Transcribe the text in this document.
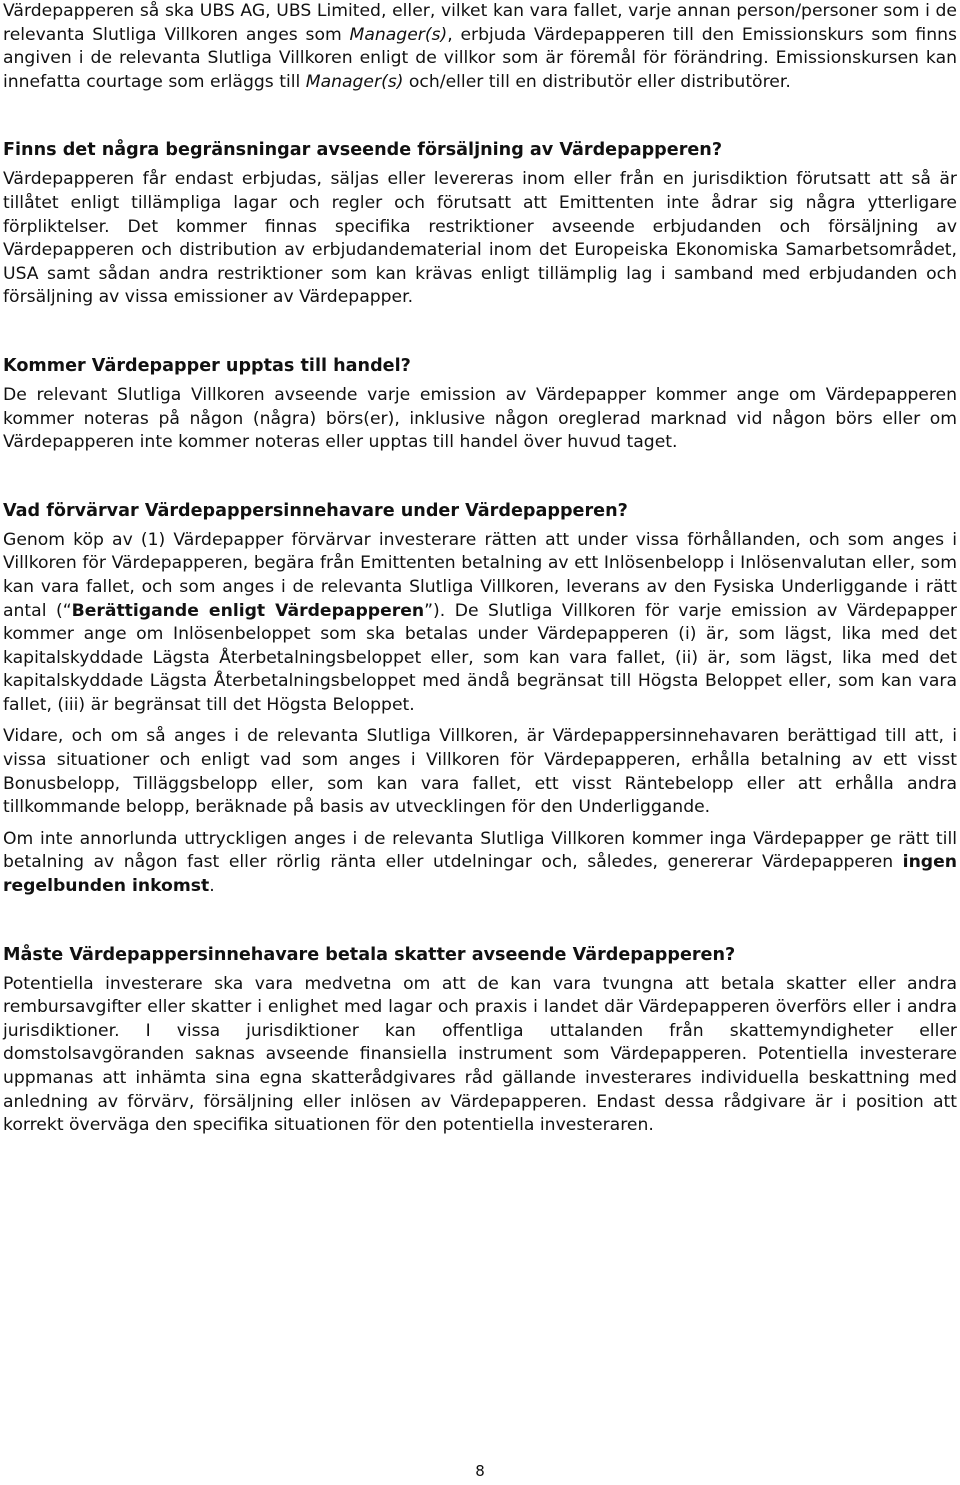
Värdepapperen så ska UBS AG, UBS Limited, eller, vilket kan vara fallet, varje annan person/personer som i de relevanta Slutliga Villkoren anges som Manager(s), erbjuda Värdepapperen till den Emissionskurs som finns angiven i de relevanta Slutliga Villkoren enligt de villkor som är föremål för förändring. Emissionskursen kan innefatta courtage som erläggs till Manager(s) och/eller till en distributör eller distributörer.

Finns det några begränsningar avseende försäljning av Värdepapperen?

Värdepapperen får endast erbjudas, säljas eller levereras inom eller från en jurisdiktion förutsatt att så är tillåtet enligt tillämpliga lagar och regler och förutsatt att Emittenten inte ådrar sig några ytterligare förpliktelser. Det kommer finnas specifika restriktioner avseende erbjudanden och försäljning av Värdepapperen och distribution av erbjudandematerial inom det Europeiska Ekonomiska Samarbetsområdet, USA samt sådan andra restriktioner som kan krävas enligt tillämplig lag i samband med erbjudanden och försäljning av vissa emissioner av Värdepapper.

Kommer Värdepapper upptas till handel?

De relevant Slutliga Villkoren avseende varje emission av Värdepapper kommer ange om Värdepapperen kommer noteras på någon (några) börs(er), inklusive någon oreglerad marknad vid någon börs eller om Värdepapperen inte kommer noteras eller upptas till handel över huvud taget.

Vad förvärvar Värdepappersinnehavare under Värdepapperen?

Genom köp av (1) Värdepapper förvärvar investerare rätten att under vissa förhållanden, och som anges i Villkoren för Värdepapperen, begära från Emittenten betalning av ett Inlösenbelopp i Inlösenvalutan eller, som kan vara fallet, och som anges i de relevanta Slutliga Villkoren, leverans av den Fysiska Underliggande i rätt antal (“Berättigande enligt Värdepapperen”). De Slutliga Villkoren för varje emission av Värdepapper kommer ange om Inlösenbeloppet som ska betalas under Värdepapperen (i) är, som lägst, lika med det kapitalskyddade Lägsta Återbetalningsbeloppet eller, som kan vara fallet, (ii) är, som lägst, lika med det kapitalskyddade Lägsta Återbetalningsbeloppet med ändå begränsat till Högsta Beloppet eller, som kan vara fallet, (iii) är begränsat till det Högsta Beloppet.

Vidare, och om så anges i de relevanta Slutliga Villkoren, är Värdepappersinnehavaren berättigad till att, i vissa situationer och enligt vad som anges i Villkoren för Värdepapperen, erhålla betalning av ett visst Bonusbelopp, Tilläggsbelopp eller, som kan vara fallet, ett visst Räntebelopp eller att erhålla andra tillkommande belopp, beräknade på basis av utvecklingen för den Underliggande.

Om inte annorlunda uttryckligen anges i de relevanta Slutliga Villkoren kommer inga Värdepapper ge rätt till betalning av någon fast eller rörlig ränta eller utdelningar och, således, genererar Värdepapperen ingen regelbunden inkomst.

Måste Värdepappersinnehavare betala skatter avseende Värdepapperen?

Potentiella investerare ska vara medvetna om att de kan vara tvungna att betala skatter eller andra rembursavgifter eller skatter i enlighet med lagar och praxis i landet där Värdepapperen överförs eller i andra jurisdiktioner. I vissa jurisdiktioner kan offentliga uttalanden från skattemyndigheter eller domstolsavgöranden saknas avseende finansiella instrument som Värdepapperen. Potentiella investerare uppmanas att inhämta sina egna skatterådgivares råd gällande investerares individuella beskattning med anledning av förvärv, försäljning eller inlösen av Värdepapperen. Endast dessa rådgivare är i position att korrekt överväga den specifika situationen för den potentiella investeraren.

8
